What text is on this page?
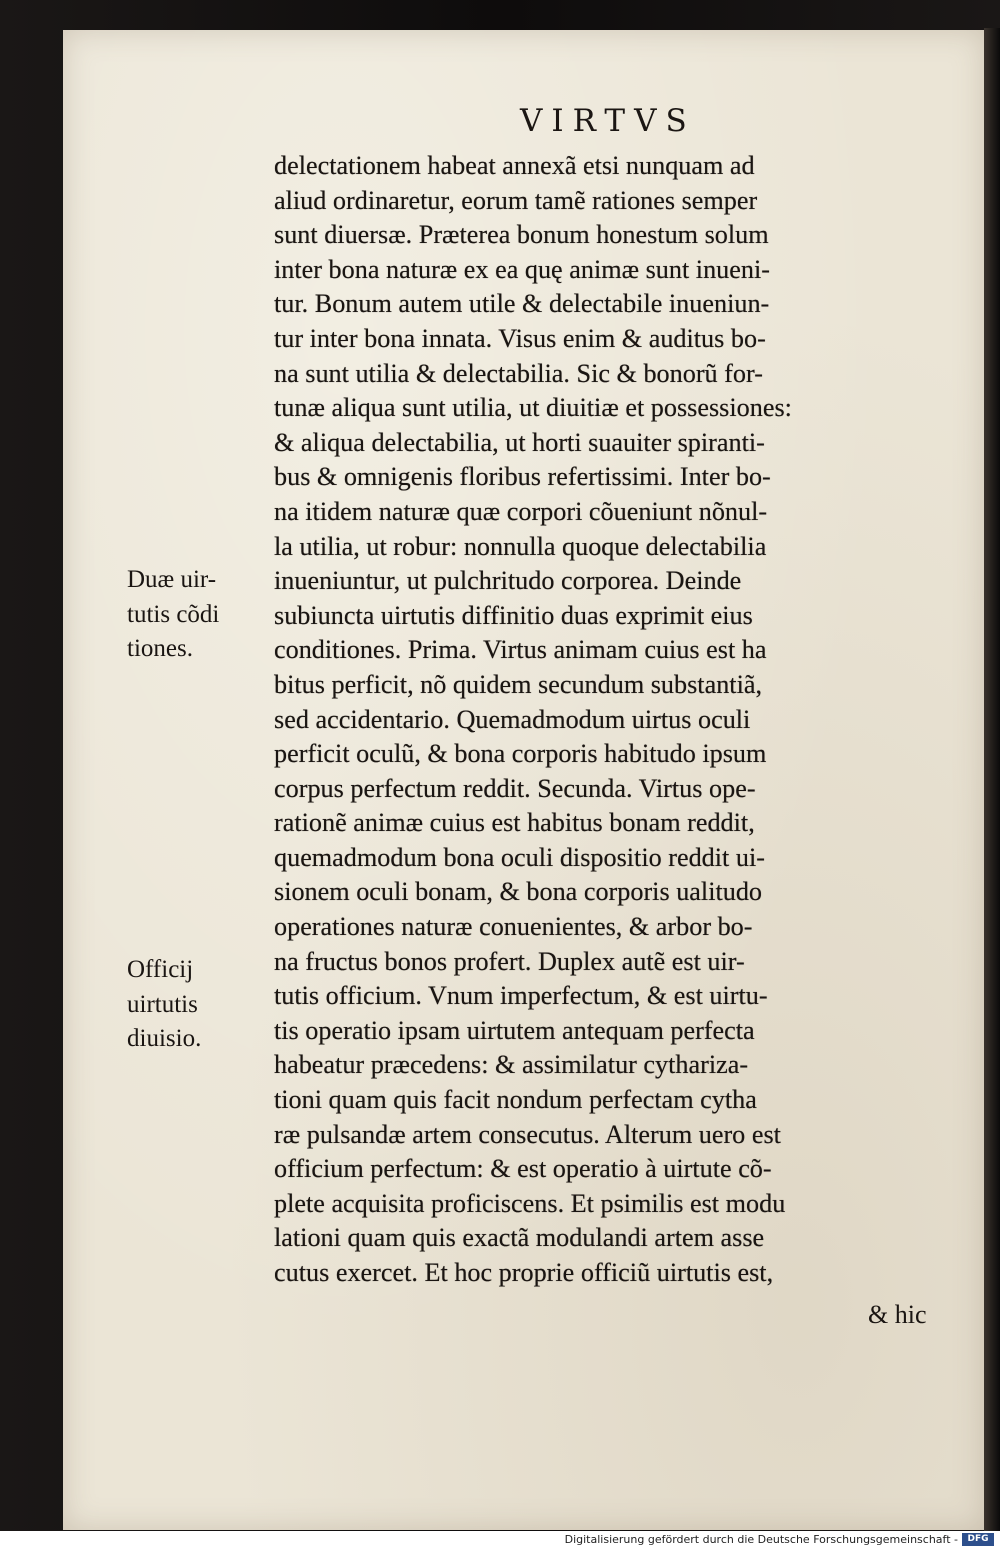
VIRTVS
delectationem habeat annexã etsi nunquam ad
aliud ordinaretur, eorum tamẽ rationes semper
sunt diuersæ. Præterea bonum honestum solum
inter bona naturæ ex ea quę animæ sunt inueni-
tur. Bonum autem utile & delectabile inueniun-
tur inter bona innata. Visus enim & auditus bo-
na sunt utilia & delectabilia. Sic & bonorũ for-
tunæ aliqua sunt utilia, ut diuitiæ et possessiones:
& aliqua delectabilia, ut horti suauiter spiranti-
bus & omnigenis floribus refertissimi. Inter bo-
na itidem naturæ quæ corpori cõueniunt nõnul-
la utilia, ut robur: nonnulla quoque delectabilia
inueniuntur, ut pulchritudo corporea. Deinde
subiuncta uirtutis diffinitio duas exprimit eius
conditiones. Prima. Virtus animam cuius est ha
bitus perficit, nõ quidem secundum substantiã,
sed accidentario. Quemadmodum uirtus oculi
perficit oculũ, & bona corporis habitudo ipsum
corpus perfectum reddit. Secunda. Virtus ope-
rationẽ animæ cuius est habitus bonam reddit,
quemadmodum bona oculi dispositio reddit ui-
sionem oculi bonam, & bona corporis ualitudo
operationes naturæ conuenientes, & arbor bo-
na fructus bonos profert. Duplex autẽ est uir-
tutis officium. Vnum imperfectum, & est uirtu-
tis operatio ipsam uirtutem antequam perfecta
habeatur præcedens: & assimilatur cythariza-
tioni quam quis facit nondum perfectam cytha
ræ pulsandæ artem consecutus. Alterum uero est
officium perfectum: & est operatio à uirtute cõ-
plete acquisita proficiscens. Et psimilis est modu
lationi quam quis exactã modulandi artem asse
cutus exercet. Et hoc proprie officiũ uirtutis est,
Duæ uir-
tutis cõdi
tiones.
Officij
uirtutis
diuisio.
& hic
Digitalisierung gefördert durch die Deutsche Forschungsgemeinschaft -	DFG
